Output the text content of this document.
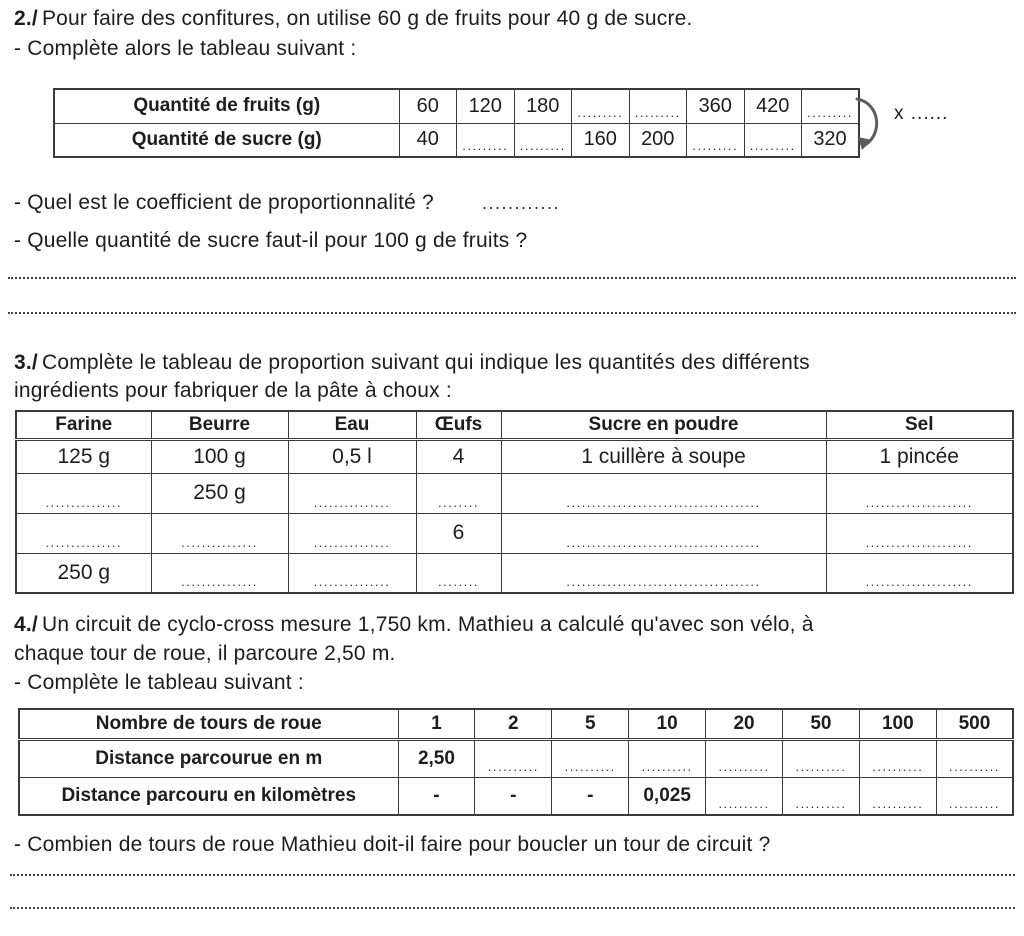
2./ Pour faire des confitures, on utilise 60 g de fruits pour 40 g de sucre.
- Complète alors le tableau suivant :
Quantité de fruits (g)	60	120	180	.........	.........	360	420	.........

Quantité de sucre (g)	40	.........	.........	160	200	.........	.........	320
x ......
- Quel est le coefficient de proportionnalité ?	............
- Quelle quantité de sucre faut-il pour 100 g de fruits ?
3./ Complète le tableau de proportion suivant qui indique les quantités des différents
ingrédients pour fabriquer de la pâte à choux :
Farine	Beurre	Eau	Œufs	Sucre en poudre	Sel
125 g	100 g	0,5 l	4	1 cuillère à soupe	1 pincée

...............	250 g	...............	........	......................................	.....................

...............	...............	...............	6	......................................	.....................

250 g	...............	...............	........	......................................	.....................
4./ Un circuit de cyclo-cross mesure 1,750 km. Mathieu a calculé qu'avec son vélo, à
chaque tour de roue, il parcoure 2,50 m.
- Complète le tableau suivant :
Nombre de tours de roue	1	2	5	10	20	50	100	500
Distance parcourue en m	2,50	..........	..........	..........	..........	..........	..........	..........

Distance parcouru en kilomètres	-	-	-	0,025	..........	..........	..........	..........
- Combien de tours de roue Mathieu doit-il faire pour boucler un tour de circuit ?
